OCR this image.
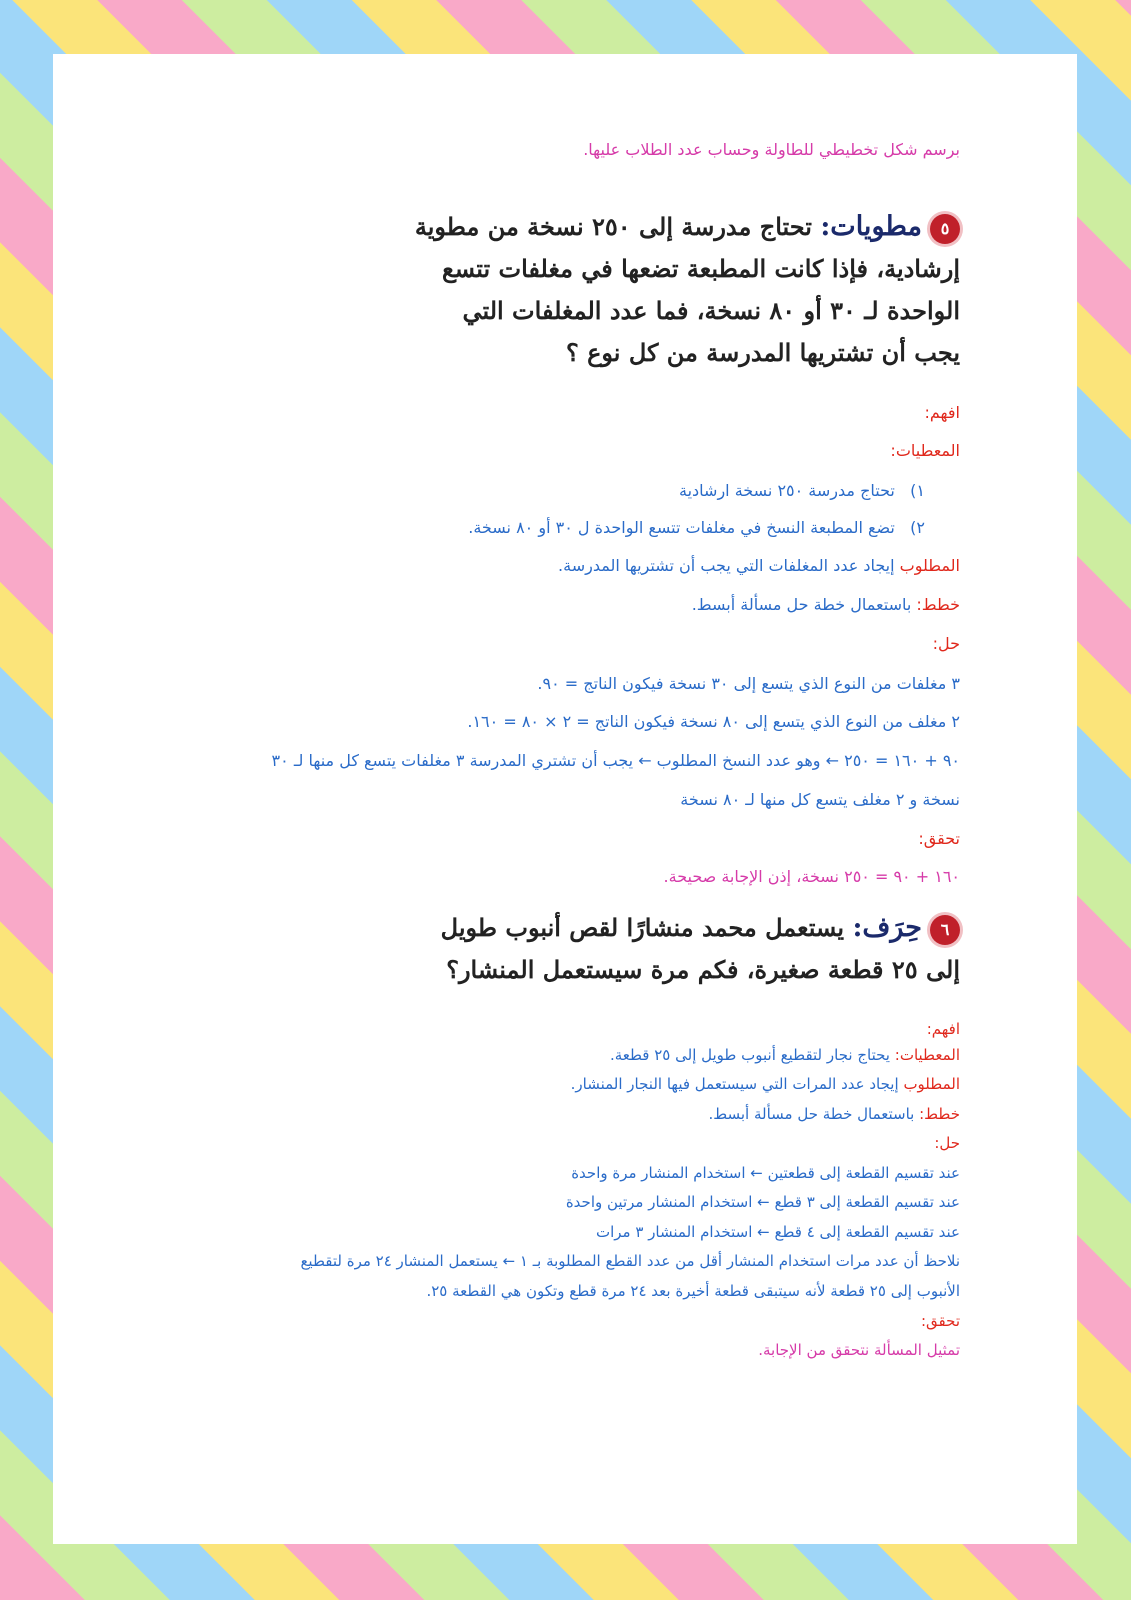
برسم شكل تخطيطي للطاولة وحساب عدد الطلاب عليها.
٥مطويات: تحتاج مدرسة إلى ٢٥٠ نسخة من مطوية
إرشادية، فإذا كانت المطبعة تضعها في مغلفات تتسع
الواحدة لـ ٣٠ أو ٨٠ نسخة، فما عدد المغلفات التي
يجب أن تشتريها المدرسة من كل نوع ؟
افهم:
المعطيات:
١)   تحتاج مدرسة ٢٥٠ نسخة ارشادية
٢)   تضع المطبعة النسخ في مغلفات تتسع الواحدة ل ٣٠ أو ٨٠ نسخة.
المطلوب إيجاد عدد المغلفات التي يجب أن تشتريها المدرسة.
خطط: باستعمال خطة حل مسألة أبسط.
حل:
٣ مغلفات من النوع الذي يتسع إلى ٣٠ نسخة فيكون الناتج = ٩٠.
٢ مغلف من النوع الذي يتسع إلى ٨٠ نسخة فيكون الناتج = ٢ × ٨٠ = ١٦٠.
٩٠ + ١٦٠ = ٢٥٠ ← وهو عدد النسخ المطلوب ← يجب أن تشتري المدرسة ٣ مغلفات يتسع كل منها لـ ٣٠
نسخة و ٢ مغلف يتسع كل منها لـ ٨٠ نسخة
تحقق:
١٦٠ + ٩٠ = ٢٥٠ نسخة، إذن الإجابة صحيحة.
٦حِرَف: يستعمل محمد منشارًا لقص أنبوب طويل
إلى ٢٥ قطعة صغيرة، فكم مرة سيستعمل المنشار؟
افهم:
المعطيات: يحتاج نجار لتقطيع أنبوب طويل إلى ٢٥ قطعة.
المطلوب إيجاد عدد المرات التي سيستعمل فيها النجار المنشار.
خطط: باستعمال خطة حل مسألة أبسط.
حل:
عند تقسيم القطعة إلى قطعتين ← استخدام المنشار مرة واحدة
عند تقسيم القطعة إلى ٣ قطع ← استخدام المنشار مرتين واحدة
عند تقسيم القطعة إلى ٤ قطع ← استخدام المنشار ٣ مرات
نلاحظ أن عدد مرات استخدام المنشار أقل من عدد القطع المطلوبة بـ ١ ← يستعمل المنشار ٢٤ مرة لتقطيع
الأنبوب إلى ٢٥ قطعة لأنه سيتبقى قطعة أخيرة بعد ٢٤ مرة قطع وتكون هي القطعة ٢٥.
تحقق:
تمثيل المسألة نتحقق من الإجابة.
